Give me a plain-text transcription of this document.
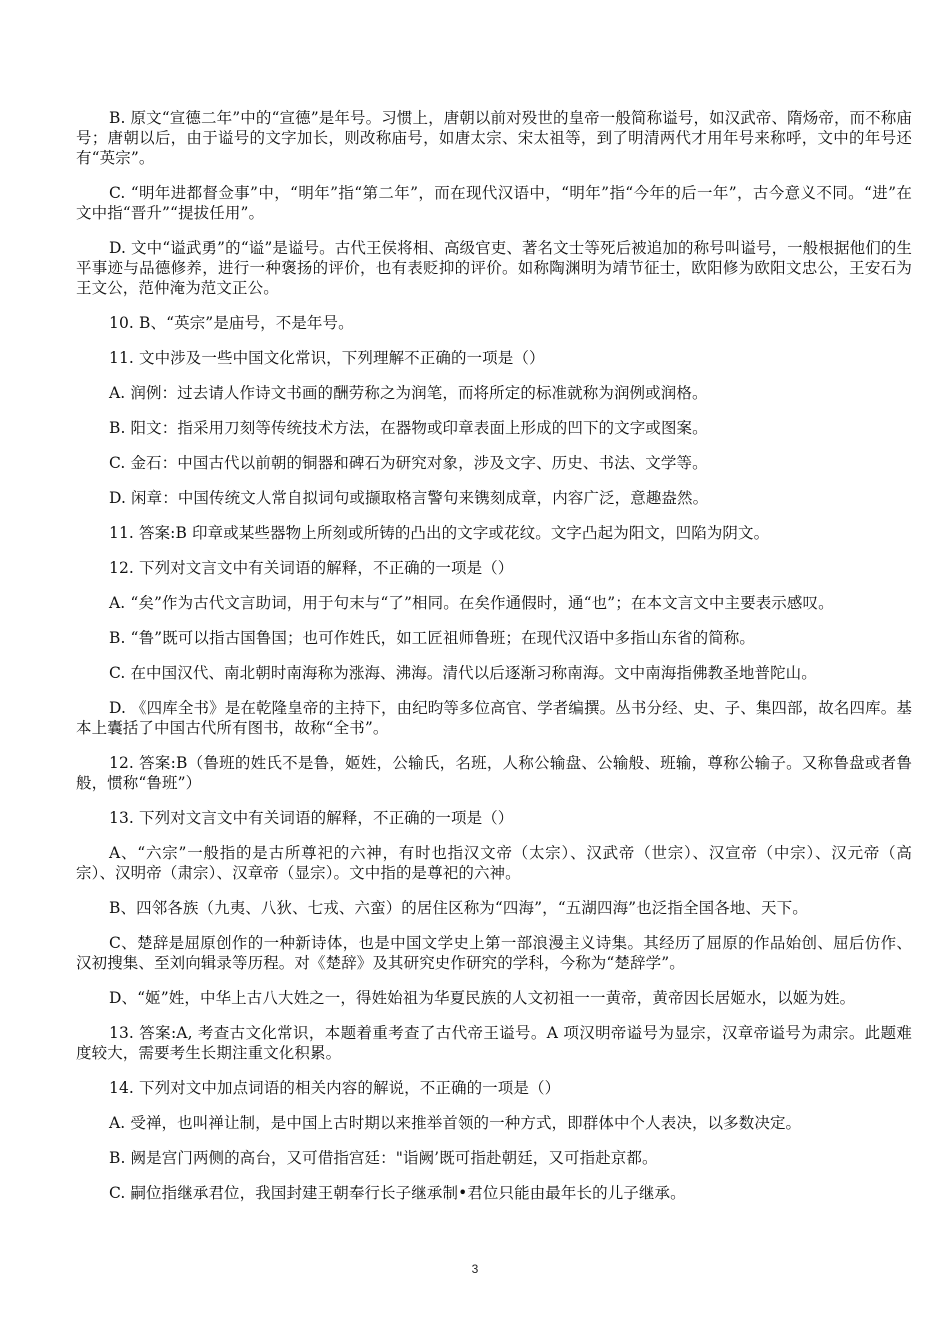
B. 原文“宣德二年”中的“宣德”是年号。习惯上，唐朝以前对殁世的皇帝一般简称谥号，如汉武帝、隋炀帝，而不称庙号；唐朝以后，由于谥号的文字加长，则改称庙号，如唐太宗、宋太祖等，到了明清两代才用年号来称呼，文中的年号还有“英宗”。

C. “明年进都督佥事”中，“明年”指“第二年”，而在现代汉语中，“明年”指“今年的后一年”，古今意义不同。“进”在文中指“晋升”“提拔任用”。

D. 文中“谥武勇”的“谥”是谥号。古代王侯将相、高级官吏、著名文士等死后被追加的称号叫谥号，一般根据他们的生平事迹与品德修养，进行一种褒扬的评价，也有表贬抑的评价。如称陶渊明为靖节征士，欧阳修为欧阳文忠公，王安石为王文公，范仲淹为范文正公。

10. B、“英宗”是庙号，不是年号。

11. 文中涉及一些中国文化常识，下列理解不正确的一项是（）

A. 润例：过去请人作诗文书画的酬劳称之为润笔，而将所定的标准就称为润例或润格。

B. 阳文：指采用刀刻等传统技术方法，在器物或印章表面上形成的凹下的文字或图案。

C. 金石：中国古代以前朝的铜器和碑石为研究对象，涉及文字、历史、书法、文学等。

D. 闲章：中国传统文人常自拟词句或撷取格言警句来镌刻成章，内容广泛，意趣盎然。

11. 答案:B 印章或某些器物上所刻或所铸的凸出的文字或花纹。文字凸起为阳文，凹陷为阴文。

12. 下列对文言文中有关词语的解释，不正确的一项是（）

A. “矣”作为古代文言助词，用于句末与“了”相同。在矣作通假时，通“也”；在本文言文中主要表示感叹。

B. “鲁”既可以指古国鲁国；也可作姓氏，如工匠祖师鲁班；在现代汉语中多指山东省的简称。

C. 在中国汉代、南北朝时南海称为涨海、沸海。清代以后逐渐习称南海。文中南海指佛教圣地普陀山。

D. 《四库全书》是在乾隆皇帝的主持下，由纪昀等多位高官、学者编撰。丛书分经、史、子、集四部，故名四库。基本上囊括了中国古代所有图书，故称“全书”。

12. 答案:B（鲁班的姓氏不是鲁，姬姓，公输氏，名班，人称公输盘、公输般、班输，尊称公输子。又称鲁盘或者鲁般，惯称“鲁班”）

13. 下列对文言文中有关词语的解释，不正确的一项是（）

A、“六宗”一般指的是古所尊祀的六神，有时也指汉文帝（太宗）、汉武帝（世宗）、汉宣帝（中宗）、汉元帝（高宗）、汉明帝（肃宗）、汉章帝（显宗）。文中指的是尊祀的六神。

B、四邻各族（九夷、八狄、七戎、六蛮）的居住区称为“四海”，“五湖四海”也泛指全国各地、天下。

C、楚辞是屈原创作的一种新诗体，也是中国文学史上第一部浪漫主义诗集。其经历了屈原的作品始创、屈后仿作、汉初搜集、至刘向辑录等历程。对《楚辞》及其研究史作研究的学科，今称为“楚辞学”。

D、“姬”姓，中华上古八大姓之一，得姓始祖为华夏民族的人文初祖一一黄帝，黄帝因长居姬水，以姬为姓。

13. 答案:A, 考查古文化常识，本题着重考查了古代帝王谥号。A 项汉明帝谥号为显宗，汉章帝谥号为肃宗。此题难度较大，需要考生长期注重文化积累。

14. 下列对文中加点词语的相关内容的解说，不正确的一项是（）

A. 受禅，也叫禅让制，是中国上古时期以来推举首领的一种方式，即群体中个人表决，以多数决定。

B. 阙是宫门两侧的高台，又可借指宫廷："诣阙’既可指赴朝廷，又可指赴京都。

C. 嗣位指继承君位，我国封建王朝奉行长子继承制•君位只能由最年长的儿子继承。

3
